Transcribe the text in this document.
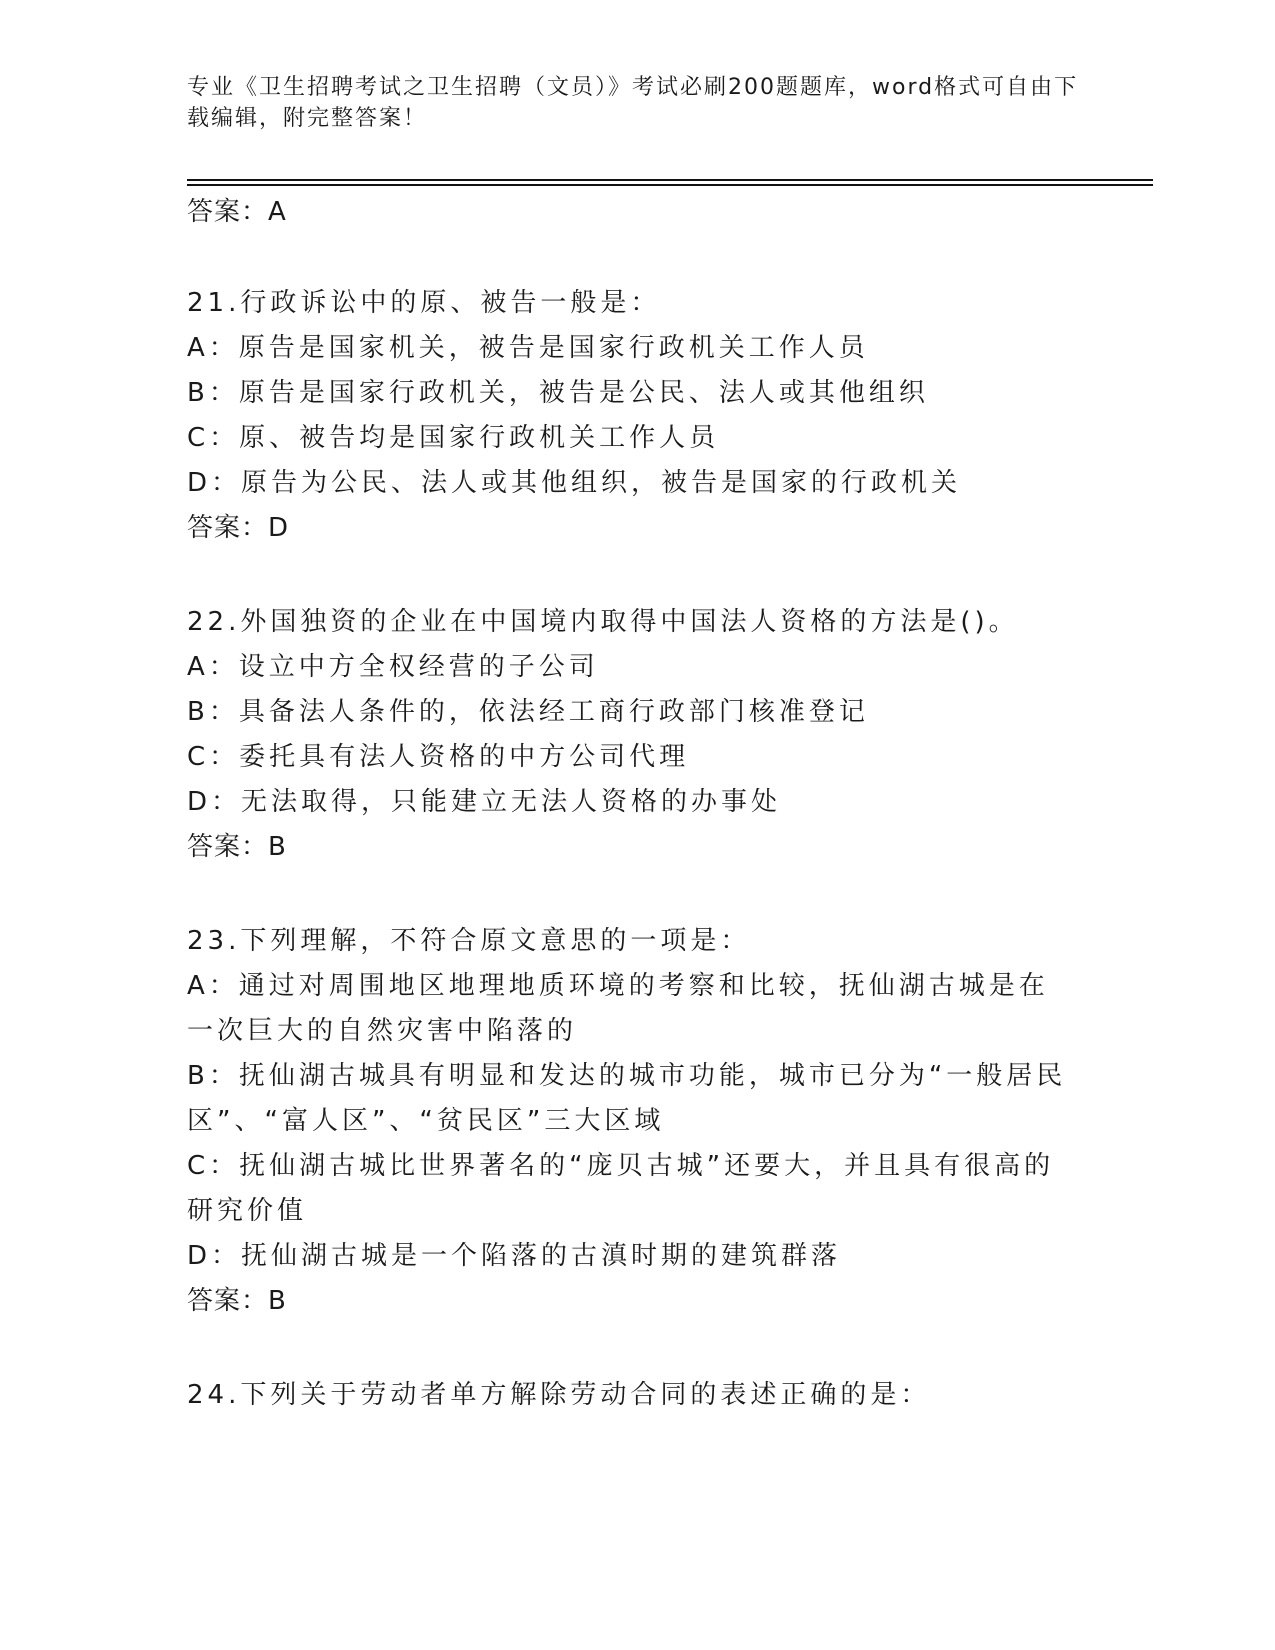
专业《卫生招聘考试之卫生招聘（文员）》考试必刷200题题库，word格式可自由下载编辑，附完整答案！

答案：A

21.行政诉讼中的原、被告一般是：

A：原告是国家机关，被告是国家行政机关工作人员

B：原告是国家行政机关，被告是公民、法人或其他组织

C：原、被告均是国家行政机关工作人员

D：原告为公民、法人或其他组织，被告是国家的行政机关

答案：D

22.外国独资的企业在中国境内取得中国法人资格的方法是()。

A：设立中方全权经营的子公司

B：具备法人条件的，依法经工商行政部门核准登记

C：委托具有法人资格的中方公司代理

D：无法取得，只能建立无法人资格的办事处

答案：B

23.下列理解，不符合原文意思的一项是：

A：通过对周围地区地理地质环境的考察和比较，抚仙湖古城是在一次巨大的自然灾害中陷落的

B：抚仙湖古城具有明显和发达的城市功能，城市已分为“一般居民区”、“富人区”、“贫民区”三大区域

C：抚仙湖古城比世界著名的“庞贝古城”还要大，并且具有很高的研究价值

D：抚仙湖古城是一个陷落的古滇时期的建筑群落

答案：B

24.下列关于劳动者单方解除劳动合同的表述正确的是：
